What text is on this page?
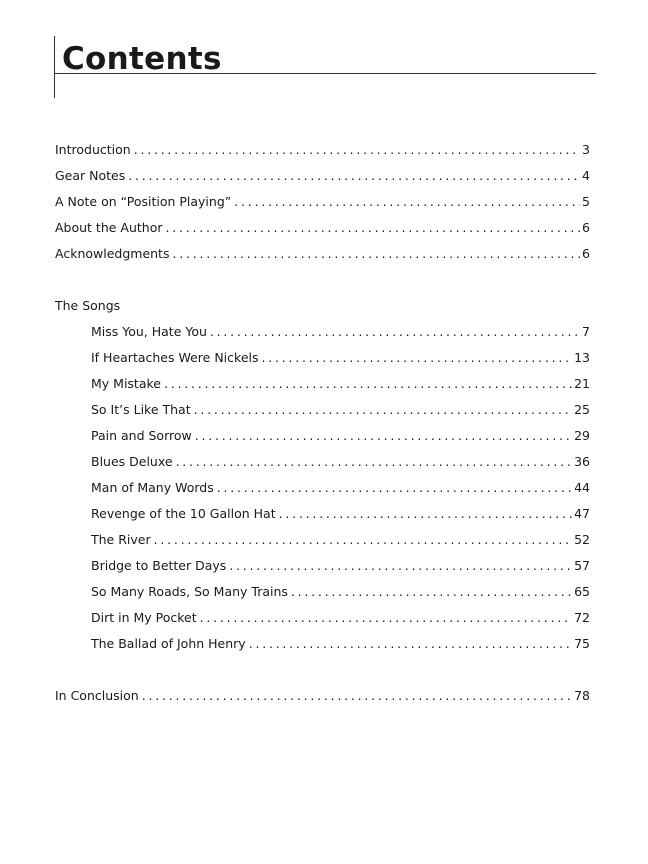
Contents
Introduction . . .	3
Gear Notes . . .	4
A Note on “Position Playing” . . .	5
About the Author . . .	6
Acknowledgments . . .	6
The Songs
Miss You, Hate You . . .	7
If Heartaches Were Nickels . . .	13
My Mistake . . .	21
So It’s Like That . . .	25
Pain and Sorrow . . .	29
Blues Deluxe . . .	36
Man of Many Words . . .	44
Revenge of the 10 Gallon Hat . . .	47
The River . . .	52
Bridge to Better Days . . .	57
So Many Roads, So Many Trains . . .	65
Dirt in My Pocket . . .	72
The Ballad of John Henry . . .	75
In Conclusion . . .	78
